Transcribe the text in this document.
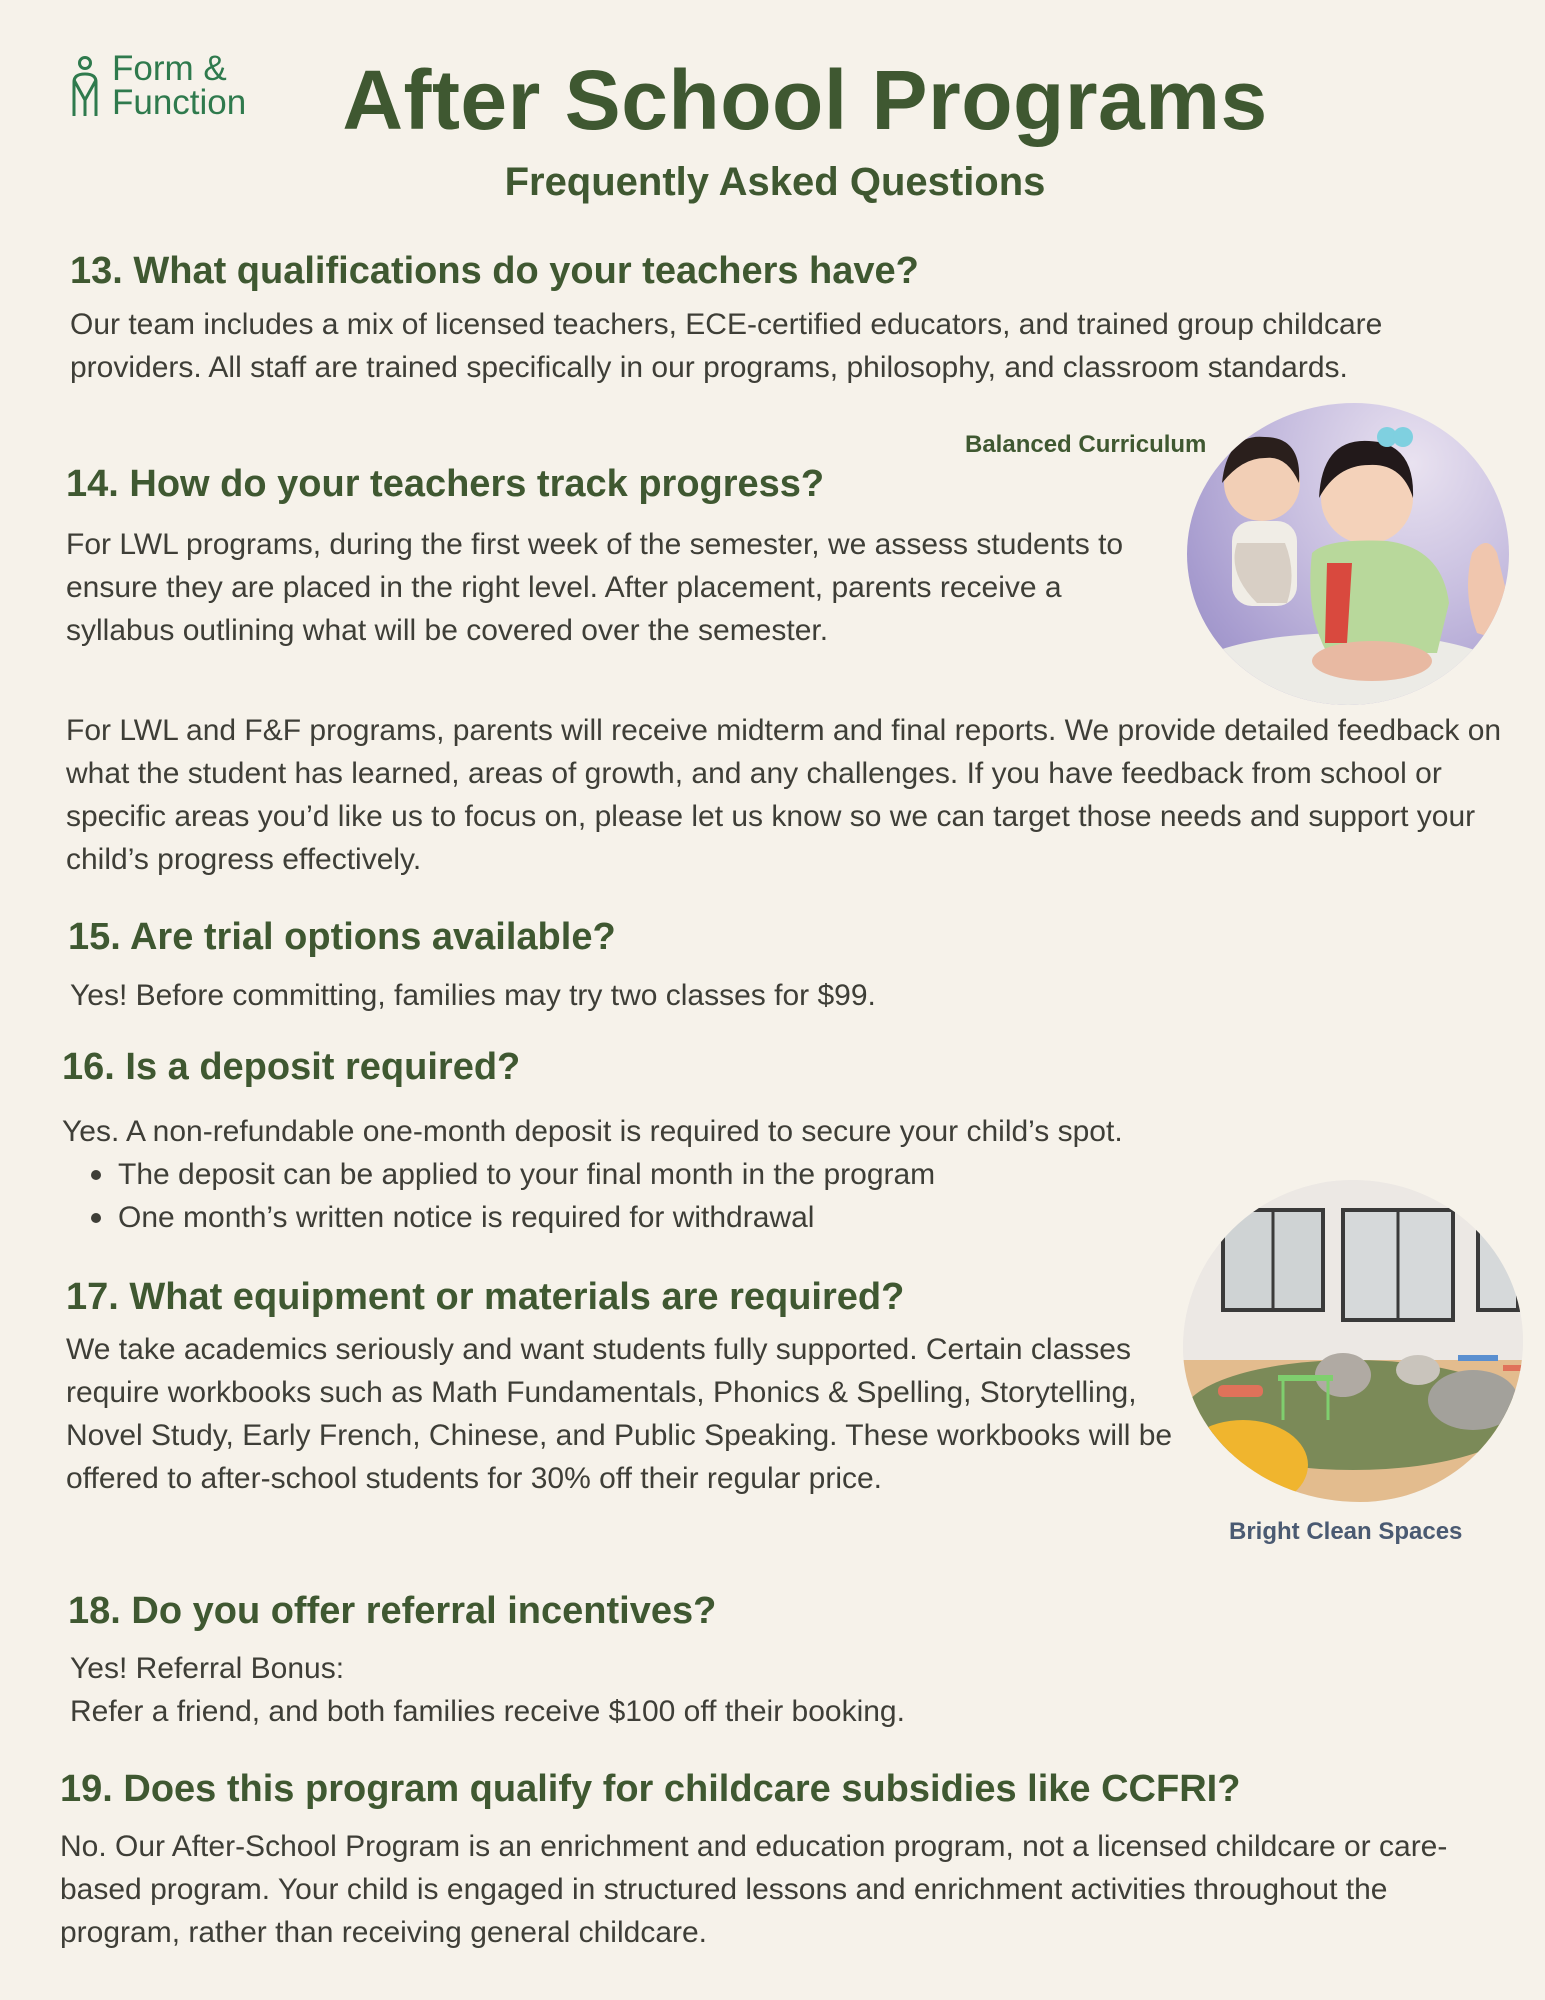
Form &
Function	After School Programs
Frequently Asked Questions
13. What qualifications do your teachers have?

Our team includes a mix of licensed teachers, ECE-certified educators, and trained group childcare providers. All staff are trained specifically in our programs, philosophy, and classroom standards.

Balanced Curriculum

14. How do your teachers track progress?

For LWL programs, during the first week of the semester, we assess students to ensure they are placed in the right level. After placement, parents receive a syllabus outlining what will be covered over the semester.

For LWL and F&F programs, parents will receive midterm and final reports. We provide detailed feedback on what the student has learned, areas of growth, and any challenges. If you have feedback from school or specific areas you’d like us to focus on, please let us know so we can target those needs and support your child’s progress effectively.

15. Are trial options available?

Yes! Before committing, families may try two classes for $99.

16. Is a deposit required?

Yes. A non-refundable one-month deposit is required to secure your child’s spot.

The deposit can be applied to your final month in the program
One month’s written notice is required for withdrawal

Bright Clean Spaces

17. What equipment or materials are required?

We take academics seriously and want students fully supported. Certain classes require workbooks such as Math Fundamentals, Phonics & Spelling, Storytelling, Novel Study, Early French, Chinese, and Public Speaking. These workbooks will be offered to after-school students for 30% off their regular price.

18. Do you offer referral incentives?

Yes! Referral Bonus:

Refer a friend, and both families receive $100 off their booking.

19. Does this program qualify for childcare subsidies like CCFRI?

No. Our After-School Program is an enrichment and education program, not a licensed childcare or care-based program. Your child is engaged in structured lessons and enrichment activities throughout the program, rather than receiving general childcare.
